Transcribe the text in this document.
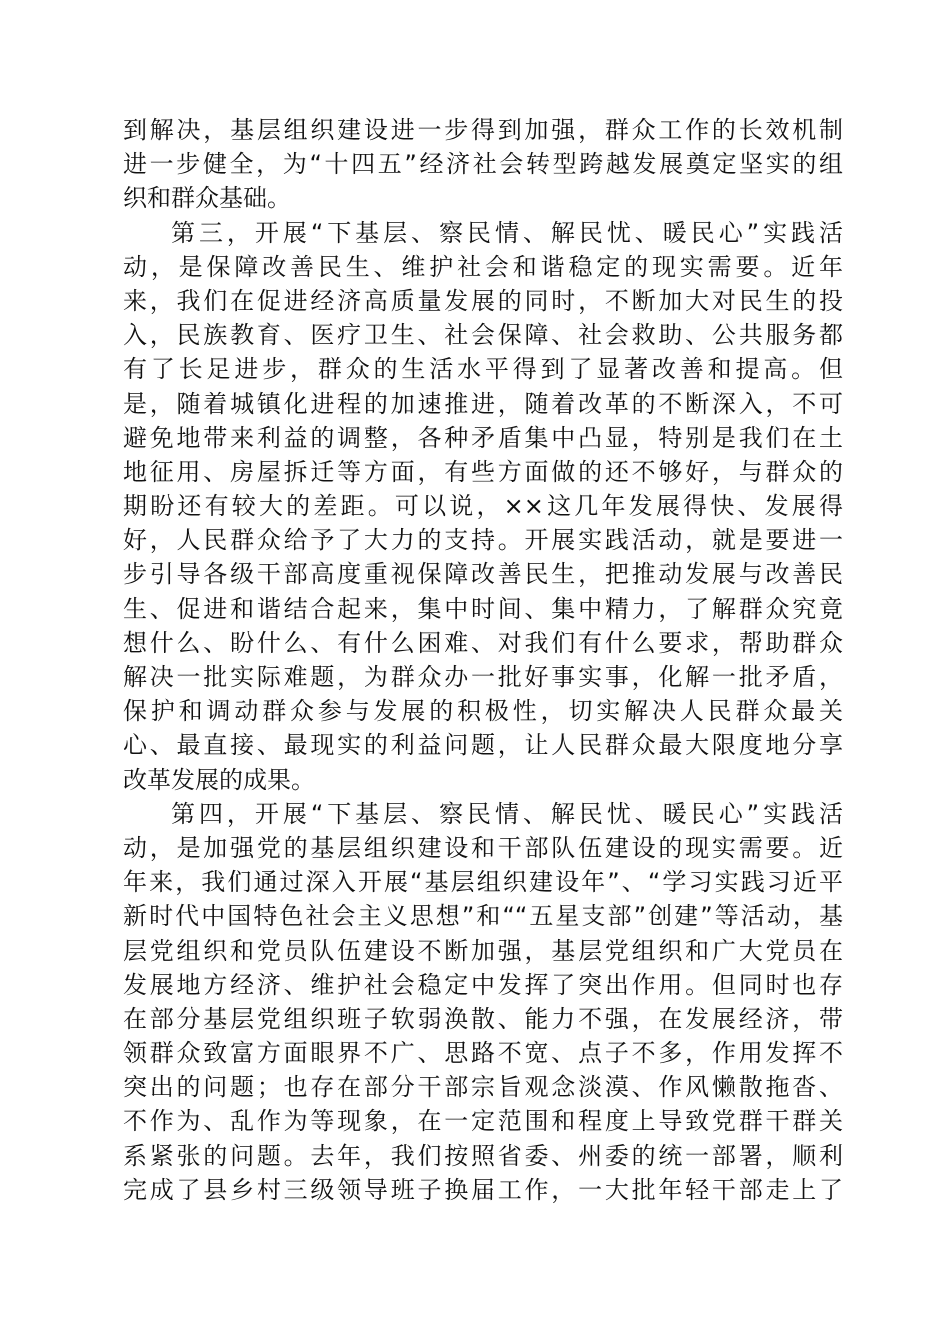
到解决，基层组织建设进一步得到加强，群众工作的长效机制
进一步健全，为“十四五”经济社会转型跨越发展奠定坚实的组
织和群众基础。
第三，开展“下基层、察民情、解民忧、暖民心”实践活
动，是保障改善民生、维护社会和谐稳定的现实需要。近年
来，我们在促进经济高质量发展的同时，不断加大对民生的投
入，民族教育、医疗卫生、社会保障、社会救助、公共服务都
有了长足进步，群众的生活水平得到了显著改善和提高。但
是，随着城镇化进程的加速推进，随着改革的不断深入，不可
避免地带来利益的调整，各种矛盾集中凸显，特别是我们在土
地征用、房屋拆迁等方面，有些方面做的还不够好，与群众的
期盼还有较大的差距。可以说，××这几年发展得快、发展得
好，人民群众给予了大力的支持。开展实践活动，就是要进一
步引导各级干部高度重视保障改善民生，把推动发展与改善民
生、促进和谐结合起来，集中时间、集中精力，了解群众究竟
想什么、盼什么、有什么困难、对我们有什么要求，帮助群众
解决一批实际难题，为群众办一批好事实事，化解一批矛盾，
保护和调动群众参与发展的积极性，切实解决人民群众最关
心、最直接、最现实的利益问题，让人民群众最大限度地分享
改革发展的成果。
第四，开展“下基层、察民情、解民忧、暖民心”实践活
动，是加强党的基层组织建设和干部队伍建设的现实需要。近
年来，我们通过深入开展“基层组织建设年”、“学习实践习近平
新时代中国特色社会主义思想”和““五星支部”创建”等活动，基
层党组织和党员队伍建设不断加强，基层党组织和广大党员在
发展地方经济、维护社会稳定中发挥了突出作用。但同时也存
在部分基层党组织班子软弱涣散、能力不强，在发展经济，带
领群众致富方面眼界不广、思路不宽、点子不多，作用发挥不
突出的问题；也存在部分干部宗旨观念淡漠、作风懒散拖沓、
不作为、乱作为等现象，在一定范围和程度上导致党群干群关
系紧张的问题。去年，我们按照省委、州委的统一部署，顺利
完成了县乡村三级领导班子换届工作，一大批年轻干部走上了
